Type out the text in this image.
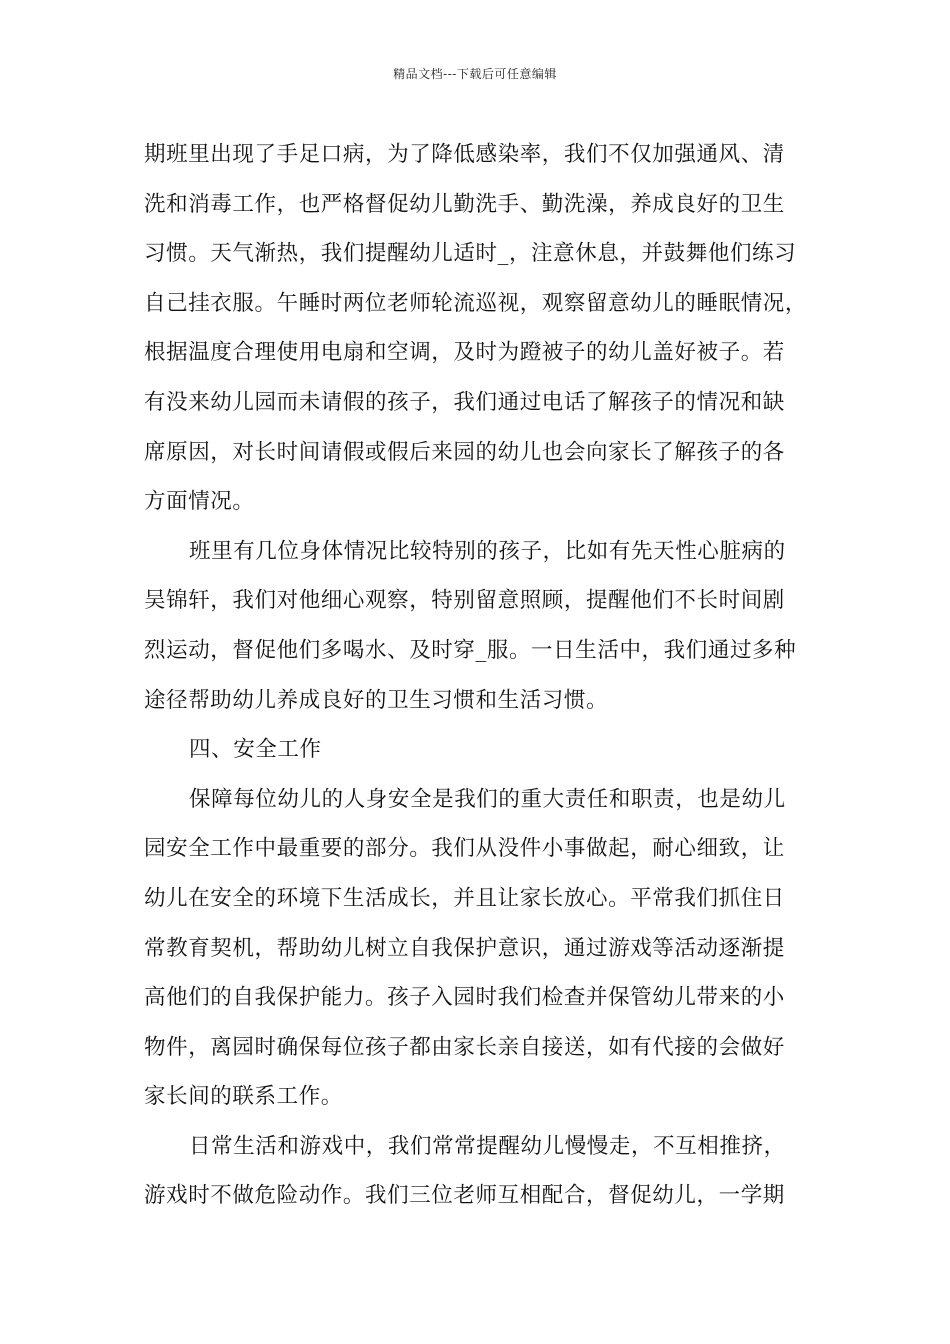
精品文档---下载后可任意编辑
期班里出现了手足口病，为了降低感染率，我们不仅加强通风、清
洗和消毒工作，也严格督促幼儿勤洗手、勤洗澡，养成良好的卫生
习惯。天气渐热，我们提醒幼儿适时_，注意休息，并鼓舞他们练习
自己挂衣服。午睡时两位老师轮流巡视，观察留意幼儿的睡眠情况，
根据温度合理使用电扇和空调，及时为蹬被子的幼儿盖好被子。若
有没来幼儿园而未请假的孩子，我们通过电话了解孩子的情况和缺
席原因，对长时间请假或假后来园的幼儿也会向家长了解孩子的各
方面情况。
班里有几位身体情况比较特别的孩子，比如有先天性心脏病的
吴锦轩，我们对他细心观察，特别留意照顾，提醒他们不长时间剧
烈运动，督促他们多喝水、及时穿_服。一日生活中，我们通过多种
途径帮助幼儿养成良好的卫生习惯和生活习惯。
四、安全工作
保障每位幼儿的人身安全是我们的重大责任和职责，也是幼儿
园安全工作中最重要的部分。我们从没件小事做起，耐心细致，让
幼儿在安全的环境下生活成长，并且让家长放心。平常我们抓住日
常教育契机，帮助幼儿树立自我保护意识，通过游戏等活动逐渐提
高他们的自我保护能力。孩子入园时我们检查并保管幼儿带来的小
物件，离园时确保每位孩子都由家长亲自接送，如有代接的会做好
家长间的联系工作。
日常生活和游戏中，我们常常提醒幼儿慢慢走，不互相推挤，
游戏时不做危险动作。我们三位老师互相配合，督促幼儿，一学期
